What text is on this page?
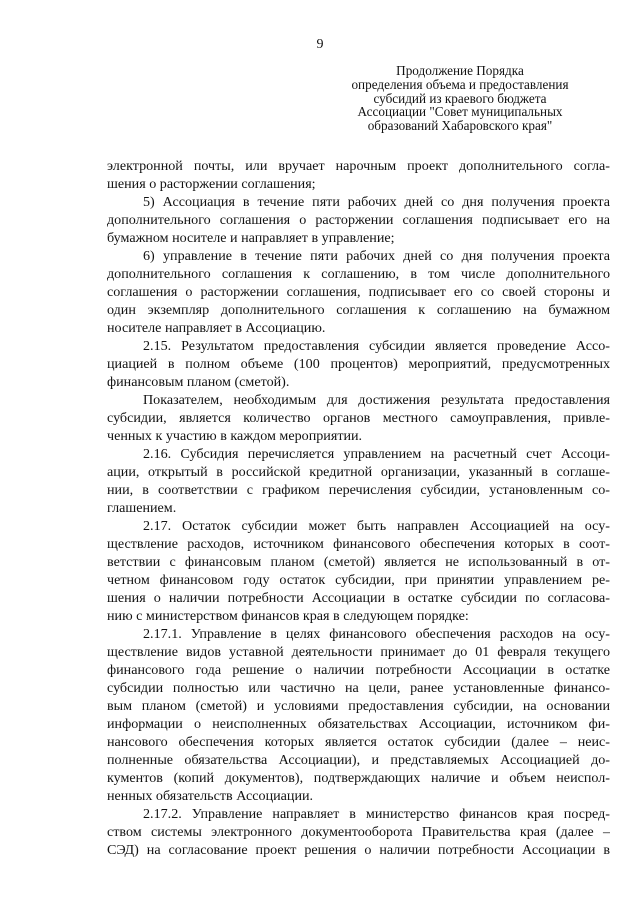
9
Продолжение Порядка
определения объема и предоставления
субсидий из краевого бюджета
Ассоциации "Совет муниципальных
образований Хабаровского края"
электронной почты, или вручает нарочным проект дополнительного согла-
шения о расторжении соглашения;
5) Ассоциация в течение пяти рабочих дней со дня получения проекта
дополнительного соглашения о расторжении соглашения подписывает его на
бумажном носителе и направляет в управление;
6) управление в течение пяти рабочих дней со дня получения проекта
дополнительного соглашения к соглашению, в том числе дополнительного
соглашения о расторжении соглашения, подписывает его со своей стороны и
один экземпляр дополнительного соглашения к соглашению на бумажном
носителе направляет в Ассоциацию.
2.15. Результатом предоставления субсидии является проведение Ассо-
циацией в полном объеме (100 процентов) мероприятий, предусмотренных
финансовым планом (сметой).
Показателем, необходимым для достижения результата предоставления
субсидии, является количество органов местного самоуправления, привле-
ченных к участию в каждом мероприятии.
2.16. Субсидия перечисляется управлением на расчетный счет Ассоци-
ации, открытый в российской кредитной организации, указанный в соглаше-
нии, в соответствии с графиком перечисления субсидии, установленным со-
глашением.
2.17. Остаток субсидии может быть направлен Ассоциацией на осу-
ществление расходов, источником финансового обеспечения которых в соот-
ветствии с финансовым планом (сметой) является не использованный в от-
четном финансовом году остаток субсидии, при принятии управлением ре-
шения о наличии потребности Ассоциации в остатке субсидии по согласова-
нию с министерством финансов края в следующем порядке:
2.17.1. Управление в целях финансового обеспечения расходов на осу-
ществление видов уставной деятельности принимает до 01 февраля текущего
финансового года решение о наличии потребности Ассоциации в остатке
субсидии полностью или частично на цели, ранее установленные финансо-
вым планом (сметой) и условиями предоставления субсидии, на основании
информации о неисполненных обязательствах Ассоциации, источником фи-
нансового обеспечения которых является остаток субсидии (далее – неис-
полненные обязательства Ассоциации), и представляемых Ассоциацией до-
кументов (копий документов), подтверждающих наличие и объем неиспол-
ненных обязательств Ассоциации.
2.17.2. Управление направляет в министерство финансов края посред-
ством системы электронного документооборота Правительства края (далее –
СЭД) на согласование проект решения о наличии потребности Ассоциации в
